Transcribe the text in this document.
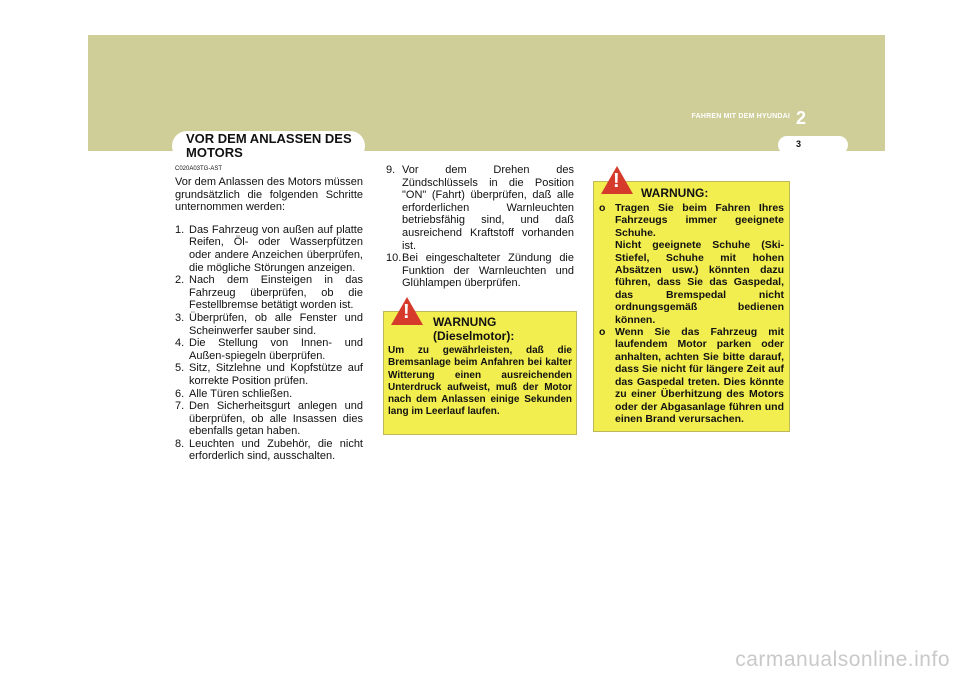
FAHREN MIT DEM HYUNDAI 2
3
VOR DEM ANLASSEN DES MOTORS
C020A03TG-AST

Vor dem Anlassen des Motors müssen grundsätzlich die folgenden Schritte unternommen werden:

1. Das Fahrzeug von außen auf platte Reifen, Öl- oder Wasserpfützen oder andere Anzeichen überprüfen, die mögliche Störungen anzeigen.
2. Nach dem Einsteigen in das Fahrzeug überprüfen, ob die Festellbremse betätigt worden ist.
3. Überprüfen, ob alle Fenster und Scheinwerfer sauber sind.
4. Die Stellung von Innen- und Außen-spiegeln überprüfen.
5. Sitz, Sitzlehne und Kopfstütze auf korrekte Position prüfen.
6. Alle Türen schließen.
7. Den Sicherheitsgurt anlegen und überprüfen, ob alle Insassen dies ebenfalls getan haben.
8. Leuchten und Zubehör, die nicht erforderlich sind, ausschalten.
9. Vor dem Drehen des Zündschlüssels in die Position "ON" (Fahrt) überprüfen, daß alle erforderlichen Warnleuchten betriebsfähig sind, und daß ausreichend Kraftstoff vorhanden ist.
10. Bei eingeschalteter Zündung die Funktion der Warnleuchten und Glühlampen überprüfen.
WARNUNG
(Dieselmotor):
Um zu gewährleisten, daß die Bremsanlage beim Anfahren bei kalter Witterung einen ausreichenden Unterdruck aufweist, muß der Motor nach dem Anlassen einige Sekunden lang im Leerlauf laufen.
!
WARNUNG:
o Tragen Sie beim Fahren Ihres Fahrzeugs immer geeignete Schuhe.
Nicht geeignete Schuhe (Ski-Stiefel, Schuhe mit hohen Absätzen usw.) könnten dazu führen, dass Sie das Gaspedal, das Bremspedal nicht ordnungsgemäß bedienen können.
o Wenn Sie das Fahrzeug mit laufendem Motor parken oder anhalten, achten Sie bitte darauf, dass Sie nicht für längere Zeit auf das Gaspedal treten. Dies könnte zu einer Überhitzung des Motors oder der Abgasanlage führen und einen Brand verursachen.
!
carmanualsonline.info
